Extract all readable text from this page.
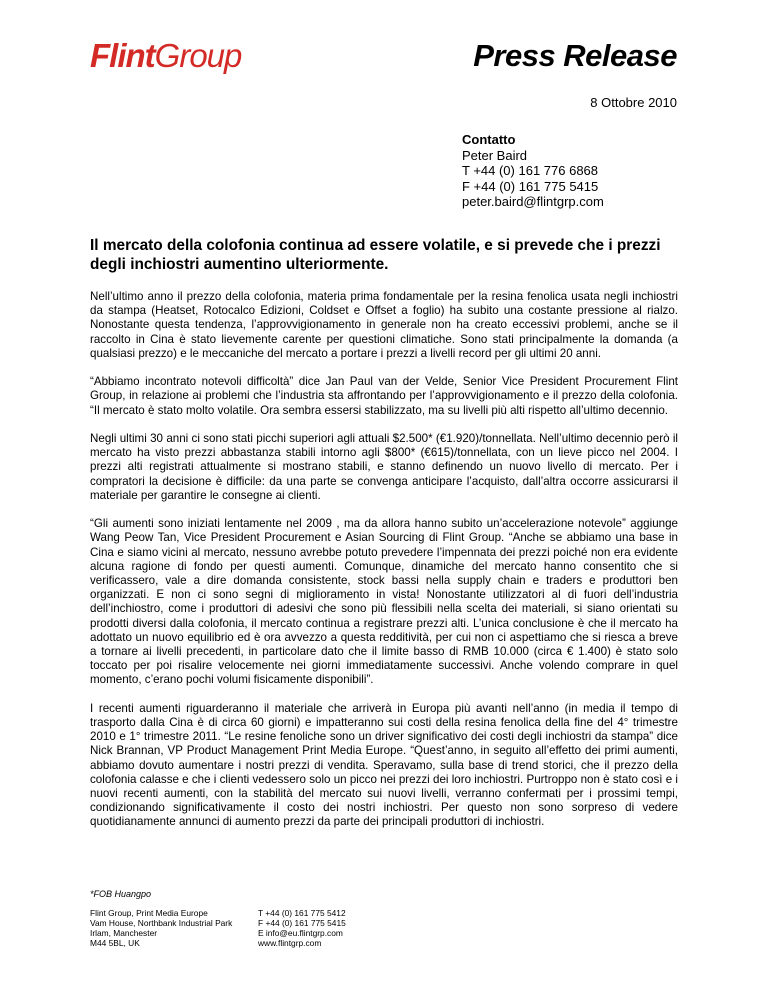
FlintGroup	Press Release
8 Ottobre 2010
Contatto
Peter Baird
T +44 (0) 161 776 6868
F +44 (0) 161 775 5415
peter.baird@flintgrp.com
Il mercato della colofonia continua ad essere volatile, e si prevede che i prezzi degli inchiostri aumentino ulteriormente.

Nell’ultimo anno il prezzo della colofonia, materia prima fondamentale per la resina fenolica usata negli inchiostri da stampa (Heatset, Rotocalco Edizioni, Coldset e Offset a foglio) ha subito una costante pressione al rialzo. Nonostante questa tendenza, l’approvvigionamento in generale non ha creato eccessivi problemi, anche se il raccolto in Cina è stato lievemente carente per questioni climatiche. Sono stati principalmente la domanda (a qualsiasi prezzo) e le meccaniche del mercato a portare i prezzi a livelli record per gli ultimi 20 anni.

“Abbiamo incontrato notevoli difficoltà” dice Jan Paul van der Velde, Senior Vice President Procurement Flint Group, in relazione ai problemi che l’industria sta affrontando per l’approvvigionamento e il prezzo della colofonia. “Il mercato è stato molto volatile. Ora sembra essersi stabilizzato, ma su livelli più alti rispetto all’ultimo decennio.

Negli ultimi 30 anni ci sono stati picchi superiori agli attuali $2.500* (€1.920)/tonnellata. Nell’ultimo decennio però il mercato ha visto prezzi abbastanza stabili intorno agli $800* (€615)/tonnellata, con un lieve picco nel 2004. I prezzi alti registrati attualmente si mostrano stabili, e stanno definendo un nuovo livello di mercato. Per i compratori la decisione è difficile: da una parte se convenga anticipare l’acquisto, dall’altra occorre assicurarsi il materiale per garantire le consegne ai clienti.

“Gli aumenti sono iniziati lentamente nel 2009 , ma da allora hanno subito un’accelerazione notevole” aggiunge Wang Peow Tan, Vice President Procurement e Asian Sourcing di Flint Group. “Anche se abbiamo una base in Cina e siamo vicini al mercato, nessuno avrebbe potuto prevedere l’impennata dei prezzi poiché non era evidente alcuna ragione di fondo per questi aumenti. Comunque, dinamiche del mercato hanno consentito che si verificassero, vale a dire domanda consistente, stock bassi nella supply chain e traders e produttori ben organizzati. E non ci sono segni di miglioramento in vista! Nonostante utilizzatori al di fuori dell’industria dell’inchiostro, come i produttori di adesivi che sono più flessibili nella scelta dei materiali, si siano orientati su prodotti diversi dalla colofonia, il mercato continua a registrare prezzi alti. L’unica conclusione è che il mercato ha adottato un nuovo equilibrio ed è ora avvezzo a questa redditività, per cui non ci aspettiamo che si riesca a breve a tornare ai livelli precedenti, in particolare dato che il limite basso di RMB 10.000 (circa € 1.400) è stato solo toccato per poi risalire velocemente nei giorni immediatamente successivi. Anche volendo comprare in quel momento, c’erano pochi volumi fisicamente disponibili”.

I recenti aumenti riguarderanno il materiale che arriverà in Europa più avanti nell’anno (in media il tempo di trasporto dalla Cina è di circa 60 giorni) e impatteranno sui costi della resina fenolica della fine del 4° trimestre 2010 e 1° trimestre 2011. “Le resine fenoliche sono un driver significativo dei costi degli inchiostri da stampa” dice Nick Brannan, VP Product Management Print Media Europe. “Quest’anno, in seguito all’effetto dei primi aumenti, abbiamo dovuto aumentare i nostri prezzi di vendita. Speravamo, sulla base di trend storici, che il prezzo della colofonia calasse e che i clienti vedessero solo un picco nei prezzi dei loro inchiostri. Purtroppo non è stato così e i nuovi recenti aumenti, con la stabilità del mercato sui nuovi livelli, verranno confermati per i prossimi tempi, condizionando significativamente il costo dei nostri inchiostri. Per questo non sono sorpreso di vedere quotidianamente annunci di aumento prezzi da parte dei principali produttori di inchiostri.

*FOB Huangpo
Flint Group, Print Media Europe
Vam House, Northbank Industrial Park
Irlam, Manchester
M44 5BL, UK
T +44 (0) 161 775 5412
F +44 (0) 161 775 5415
E info@eu.flintgrp.com
www.flintgrp.com
